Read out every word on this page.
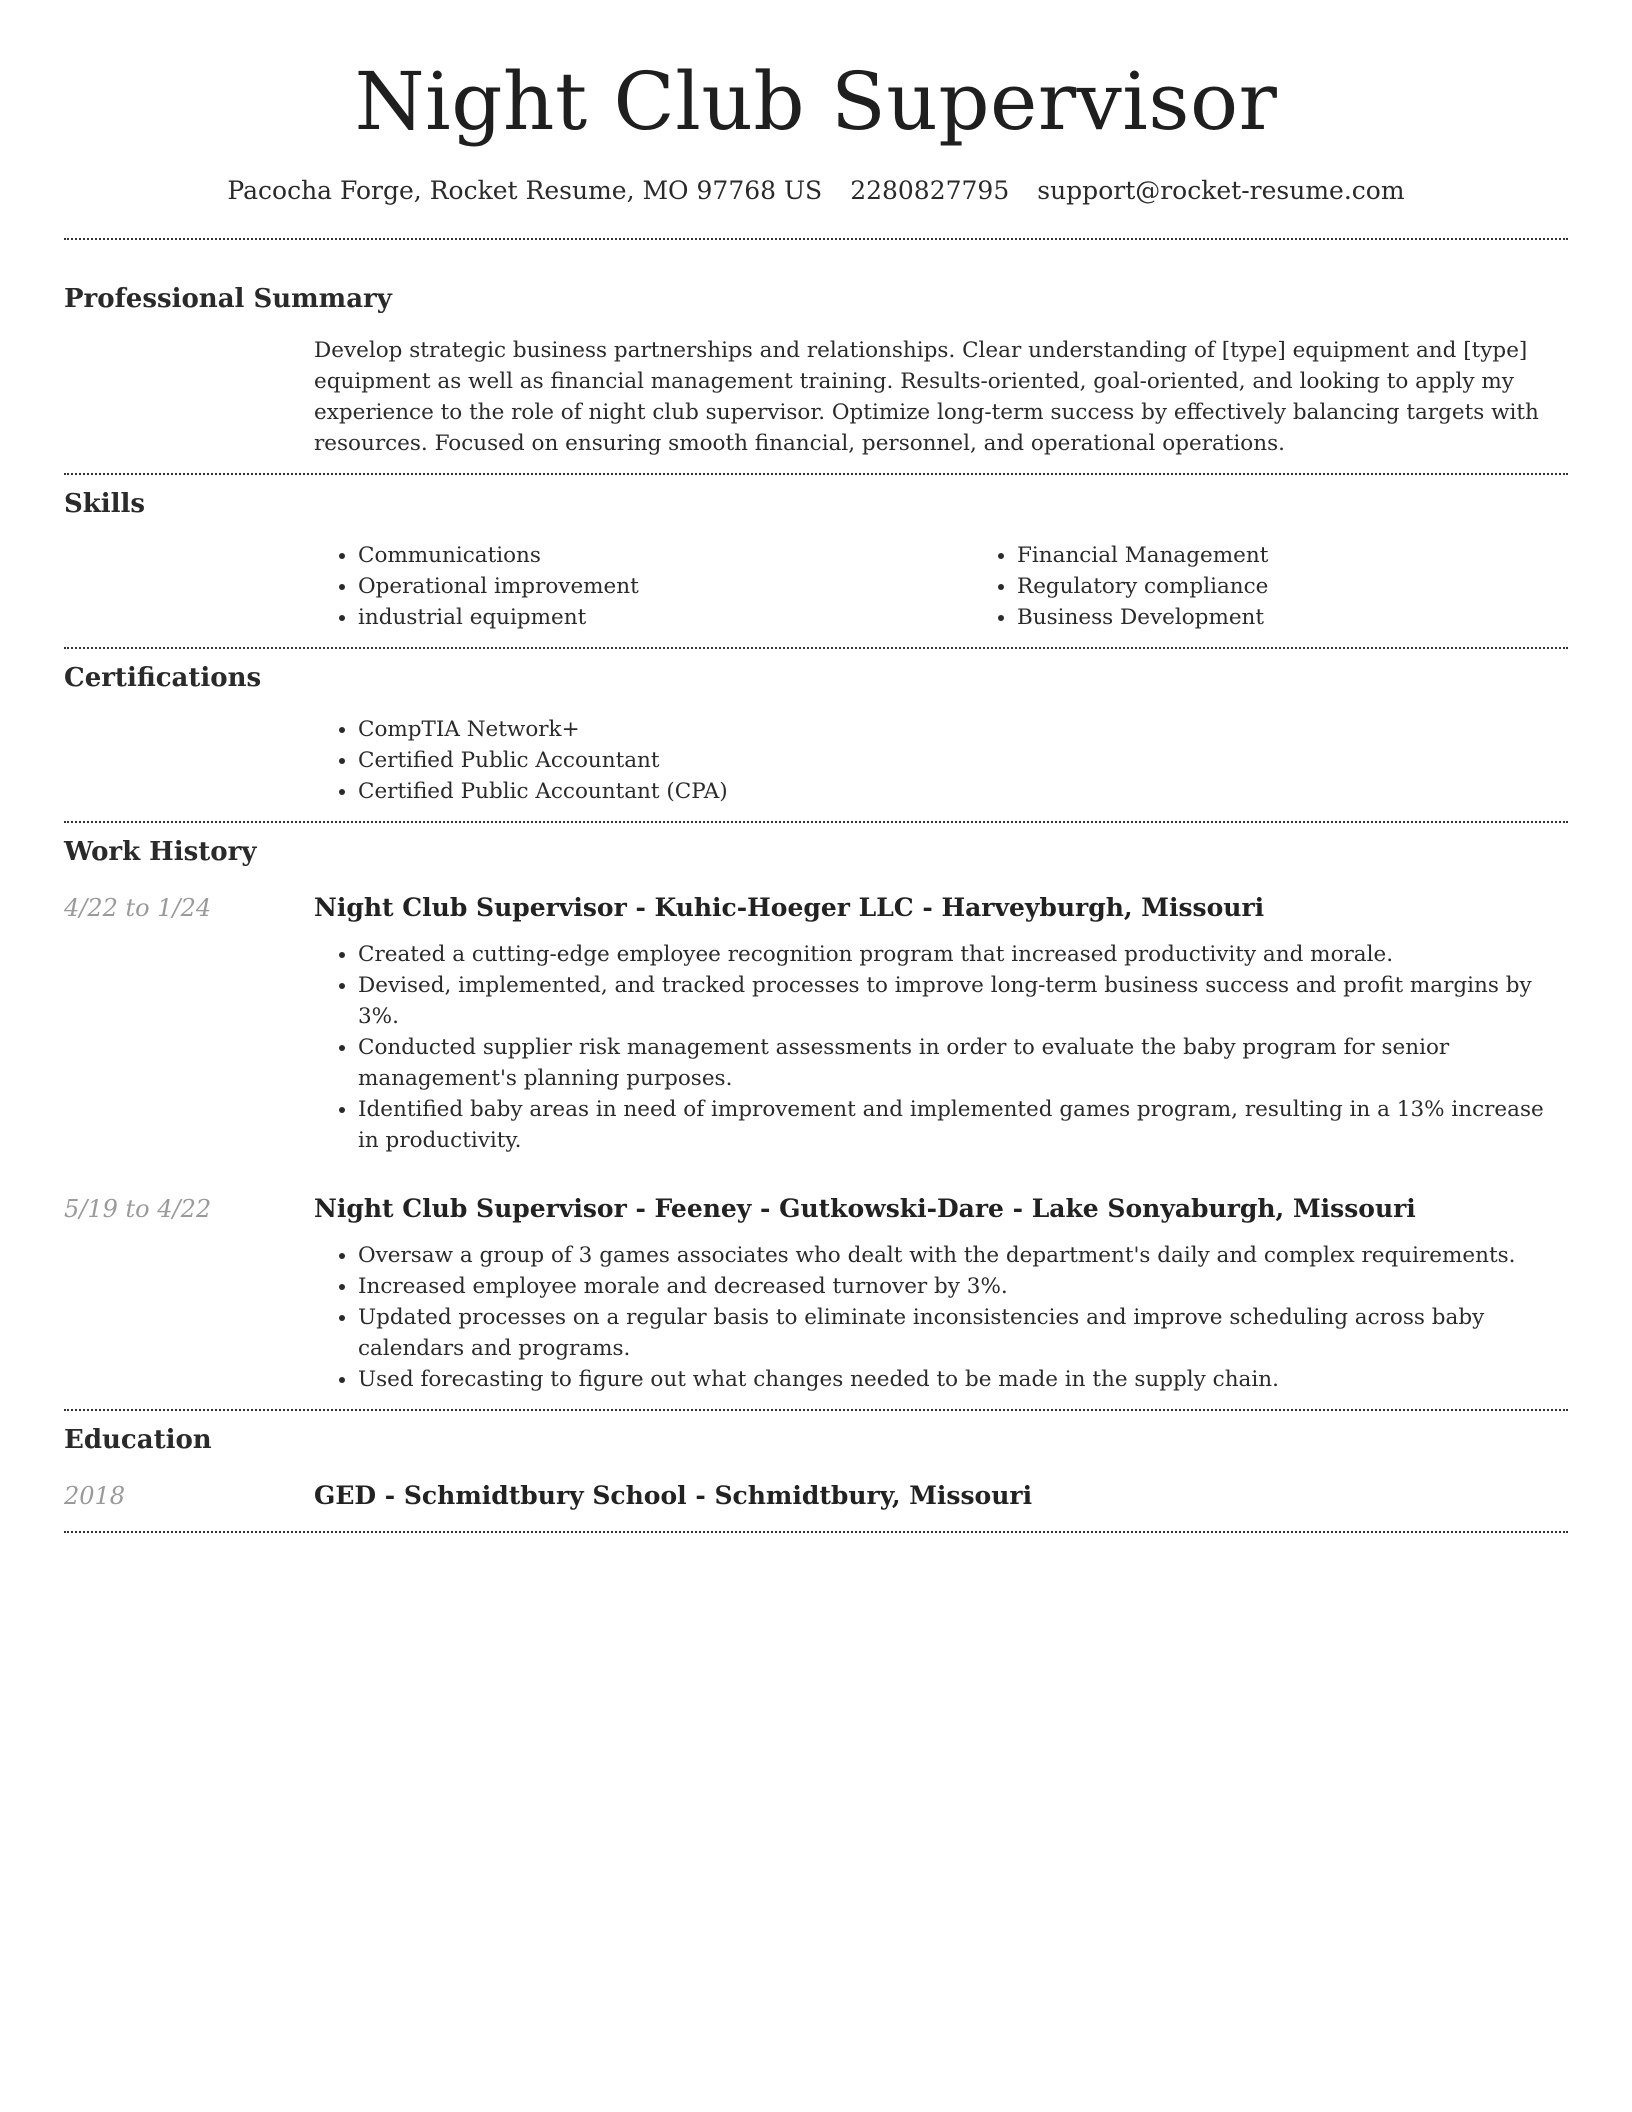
Night Club Supervisor
Pacocha Forge, Rocket Resume, MO 97768 US 2280827795 support@rocket-resume.com
Professional Summary

Develop strategic business partnerships and relationships. Clear understanding of [type] equipment and [type] equipment as well as financial management training. Results-oriented, goal-oriented, and looking to apply my experience to the role of night club supervisor. Optimize long-term success by effectively balancing targets with resources. Focused on ensuring smooth financial, personnel, and operational operations.

Skills
• Communications
• Operational improvement
• industrial equipment
• Financial Management
• Regulatory compliance
• Business Development
Certifications
• CompTIA Network+
• Certified Public Accountant
• Certified Public Accountant (CPA)
Work History
4/22 to 1/24	Night Club Supervisor - Kuhic-Hoeger LLC - Harveyburgh, Missouri
• Created a cutting-edge employee recognition program that increased productivity and morale.
• Devised, implemented, and tracked processes to improve long-term business success and profit margins by 3%.
• Conducted supplier risk management assessments in order to evaluate the baby program for senior management's planning purposes.
• Identified baby areas in need of improvement and implemented games program, resulting in a 13% increase in productivity.
5/19 to 4/22	Night Club Supervisor - Feeney - Gutkowski-Dare - Lake Sonyaburgh, Missouri
• Oversaw a group of 3 games associates who dealt with the department's daily and complex requirements.
• Increased employee morale and decreased turnover by 3%.
• Updated processes on a regular basis to eliminate inconsistencies and improve scheduling across baby calendars and programs.
• Used forecasting to figure out what changes needed to be made in the supply chain.
Education
2018	GED - Schmidtbury School - Schmidtbury, Missouri
